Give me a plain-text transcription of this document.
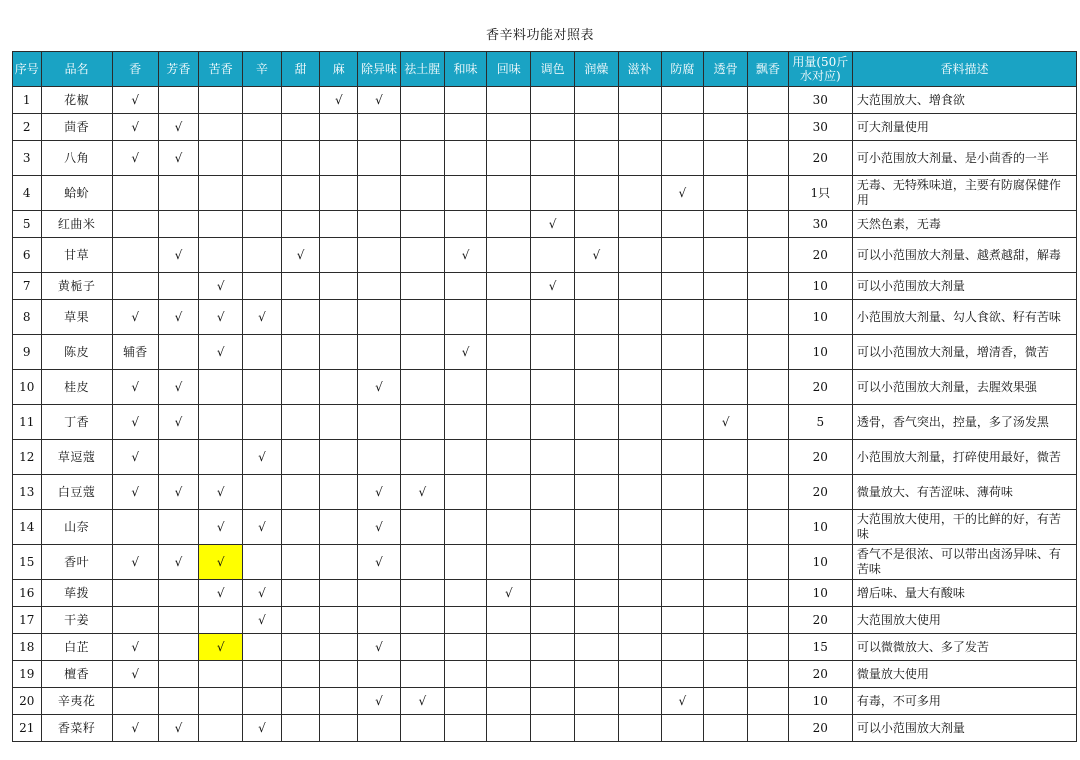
香辛料功能对照表
序号	品名	香	芳香	苦香	辛	甜	麻	除异味	祛土腥	和味	回味	调色	润燥	滋补	防腐	透骨	飘香	用量(50斤水对应)	香料描述
1	花椒	√					√	√										30	大范围放大、增食欲
2	茴香	√	√															30	可大剂量使用
3	八角	√	√															20	可小范围放大剂量、是小茴香的一半
4	蛤蚧														√			1只	无毒、无特殊味道，主要有防腐保健作用
5	红曲米											√						30	天然色素，无毒
6	甘草		√			√				√			√					20	可以小范围放大剂量、越煮越甜，解毒
7	黄栀子			√								√						10	可以小范围放大剂量
8	草果	√	√	√	√													10	小范围放大剂量、勾人食欲、籽有苦味
9	陈皮	辅香		√						√								10	可以小范围放大剂量，增清香，微苦
10	桂皮	√	√					√										20	可以小范围放大剂量，去腥效果强
11	丁香	√	√													√		5	透骨，香气突出，控量，多了汤发黑
12	草逗蔻	√			√													20	小范围放大剂量，打碎使用最好，微苦
13	白豆蔻	√	√	√				√	√									20	微量放大、有苦涩味、薄荷味
14	山奈			√	√			√										10	大范围放大使用，干的比鲜的好，有苦味
15	香叶	√	√	√				√										10	香气不是很浓、可以带出卤汤异味、有苦味
16	荜拨			√	√						√							10	增后味、量大有酸味
17	干姜				√													20	大范围放大使用
18	白芷	√		√				√										15	可以微微放大、多了发苦
19	檀香	√																20	微量放大使用
20	辛夷花							√	√						√			10	有毒，不可多用
21	香菜籽	√	√		√													20	可以小范围放大剂量
